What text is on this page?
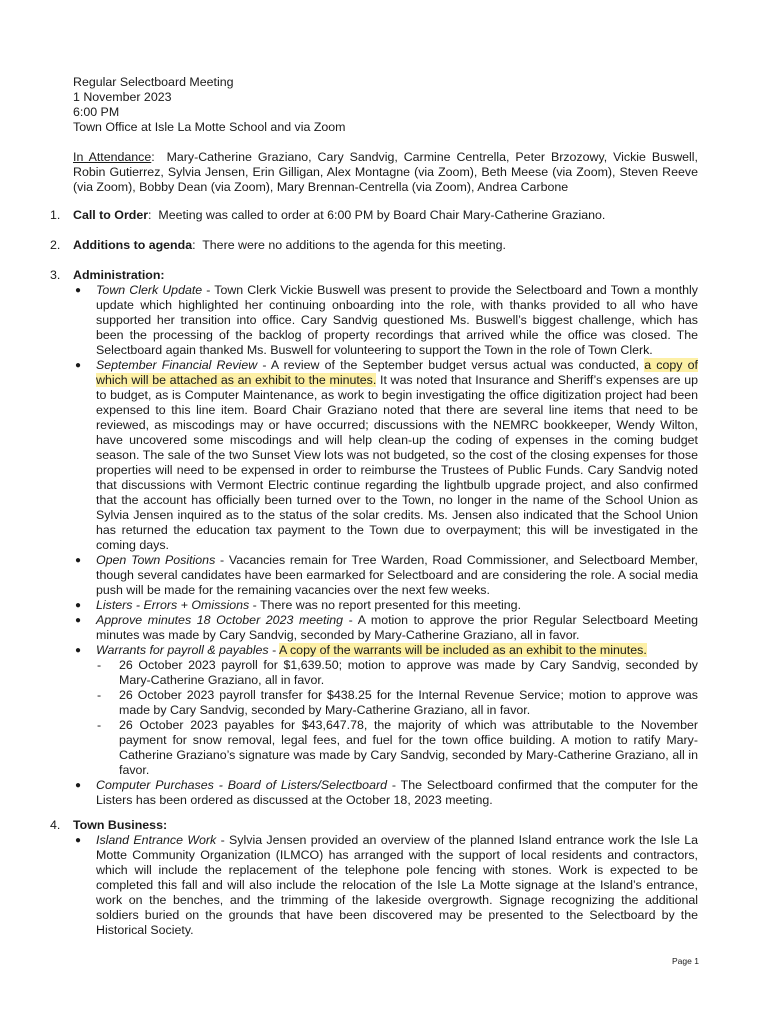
Regular Selectboard Meeting
1 November 2023
6:00 PM
Town Office at Isle La Motte School and via Zoom
In Attendance: Mary-Catherine Graziano, Cary Sandvig, Carmine Centrella, Peter Brzozowy, Vickie Buswell, Robin Gutierrez, Sylvia Jensen, Erin Gilligan, Alex Montagne (via Zoom), Beth Meese (via Zoom), Steven Reeve (via Zoom), Bobby Dean (via Zoom), Mary Brennan-Centrella (via Zoom), Andrea Carbone
1. Call to Order: Meeting was called to order at 6:00 PM by Board Chair Mary-Catherine Graziano.
2. Additions to agenda: There were no additions to the agenda for this meeting.
3. Administration:
● Town Clerk Update - Town Clerk Vickie Buswell was present to provide the Selectboard and Town a monthly update which highlighted her continuing onboarding into the role, with thanks provided to all who have supported her transition into office. Cary Sandvig questioned Ms. Buswell’s biggest challenge, which has been the processing of the backlog of property recordings that arrived while the office was closed. The Selectboard again thanked Ms. Buswell for volunteering to support the Town in the role of Town Clerk.
● September Financial Review - A review of the September budget versus actual was conducted, a copy of which will be attached as an exhibit to the minutes. It was noted that Insurance and Sheriff’s expenses are up to budget, as is Computer Maintenance, as work to begin investigating the office digitization project had been expensed to this line item. Board Chair Graziano noted that there are several line items that need to be reviewed, as miscodings may or have occurred; discussions with the NEMRC bookkeeper, Wendy Wilton, have uncovered some miscodings and will help clean-up the coding of expenses in the coming budget season. The sale of the two Sunset View lots was not budgeted, so the cost of the closing expenses for those properties will need to be expensed in order to reimburse the Trustees of Public Funds. Cary Sandvig noted that discussions with Vermont Electric continue regarding the lightbulb upgrade project, and also confirmed that the account has officially been turned over to the Town, no longer in the name of the School Union as Sylvia Jensen inquired as to the status of the solar credits. Ms. Jensen also indicated that the School Union has returned the education tax payment to the Town due to overpayment; this will be investigated in the coming days.
● Open Town Positions - Vacancies remain for Tree Warden, Road Commissioner, and Selectboard Member, though several candidates have been earmarked for Selectboard and are considering the role. A social media push will be made for the remaining vacancies over the next few weeks.
● Listers - Errors + Omissions - There was no report presented for this meeting.
● Approve minutes 18 October 2023 meeting - A motion to approve the prior Regular Selectboard Meeting minutes was made by Cary Sandvig, seconded by Mary-Catherine Graziano, all in favor.
● Warrants for payroll & payables - A copy of the warrants will be included as an exhibit to the minutes.
- 26 October 2023 payroll for $1,639.50; motion to approve was made by Cary Sandvig, seconded by Mary-Catherine Graziano, all in favor.
- 26 October 2023 payroll transfer for $438.25 for the Internal Revenue Service; motion to approve was made by Cary Sandvig, seconded by Mary-Catherine Graziano, all in favor.
- 26 October 2023 payables for $43,647.78, the majority of which was attributable to the November payment for snow removal, legal fees, and fuel for the town office building. A motion to ratify Mary-Catherine Graziano’s signature was made by Cary Sandvig, seconded by Mary-Catherine Graziano, all in favor.
● Computer Purchases - Board of Listers/Selectboard - The Selectboard confirmed that the computer for the Listers has been ordered as discussed at the October 18, 2023 meeting.
4. Town Business:
● Island Entrance Work - Sylvia Jensen provided an overview of the planned Island entrance work the Isle La Motte Community Organization (ILMCO) has arranged with the support of local residents and contractors, which will include the replacement of the telephone pole fencing with stones. Work is expected to be completed this fall and will also include the relocation of the Isle La Motte signage at the Island’s entrance, work on the benches, and the trimming of the lakeside overgrowth. Signage recognizing the additional soldiers buried on the grounds that have been discovered may be presented to the Selectboard by the Historical Society.
Page 1
